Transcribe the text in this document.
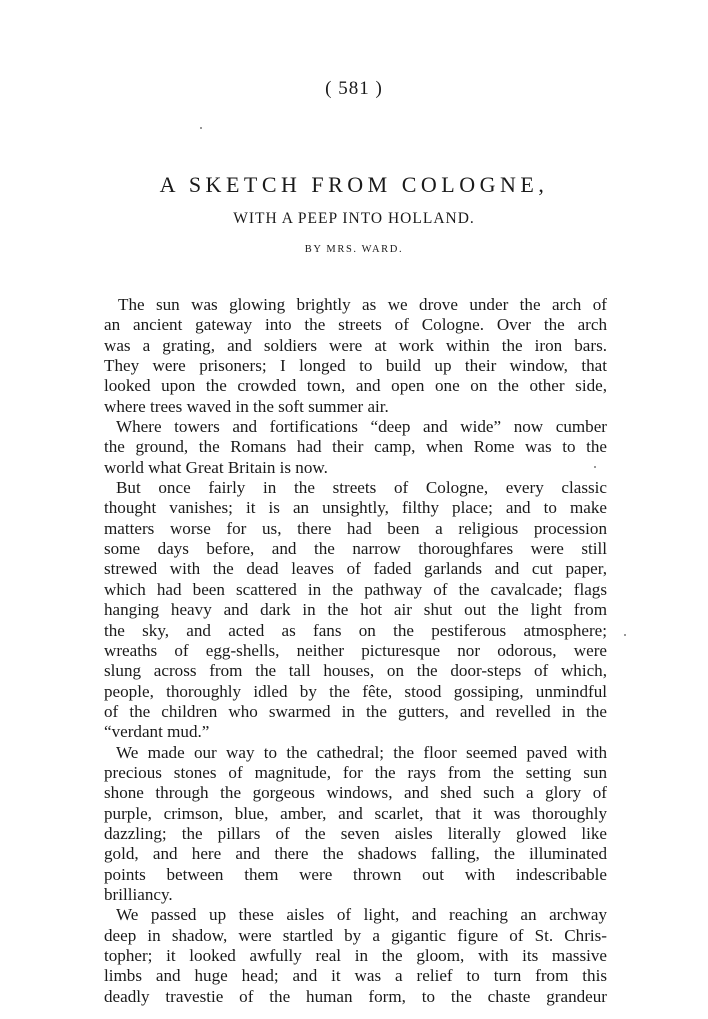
( 581 )
A SKETCH FROM COLOGNE,
WITH A PEEP INTO HOLLAND.
BY MRS. WARD.
The sun was glowing brightly as we drove under the arch of
an ancient gateway into the streets of Cologne. Over the arch
was a grating, and soldiers were at work within the iron bars.
They were prisoners; I longed to build up their window, that
looked upon the crowded town, and open one on the other side,
where trees waved in the soft summer air.
Where towers and fortifications “deep and wide” now cumber
the ground, the Romans had their camp, when Rome was to the
world what Great Britain is now.
But once fairly in the streets of Cologne, every classic
thought vanishes; it is an unsightly, filthy place; and to make
matters worse for us, there had been a religious procession
some days before, and the narrow thoroughfares were still
strewed with the dead leaves of faded garlands and cut paper,
which had been scattered in the pathway of the cavalcade; flags
hanging heavy and dark in the hot air shut out the light from
the sky, and acted as fans on the pestiferous atmosphere;
wreaths of egg-shells, neither picturesque nor odorous, were
slung across from the tall houses, on the door-steps of which,
people, thoroughly idled by the fête, stood gossiping, unmindful
of the children who swarmed in the gutters, and revelled in the
“verdant mud.”
We made our way to the cathedral; the floor seemed paved with
precious stones of magnitude, for the rays from the setting sun
shone through the gorgeous windows, and shed such a glory of
purple, crimson, blue, amber, and scarlet, that it was thoroughly
dazzling; the pillars of the seven aisles literally glowed like
gold, and here and there the shadows falling, the illuminated
points between them were thrown out with indescribable
brilliancy.
We passed up these aisles of light, and reaching an archway
deep in shadow, were startled by a gigantic figure of St. Chris-
topher; it looked awfully real in the gloom, with its massive
limbs and huge head; and it was a relief to turn from this
deadly travestie of the human form, to the chaste grandeur
